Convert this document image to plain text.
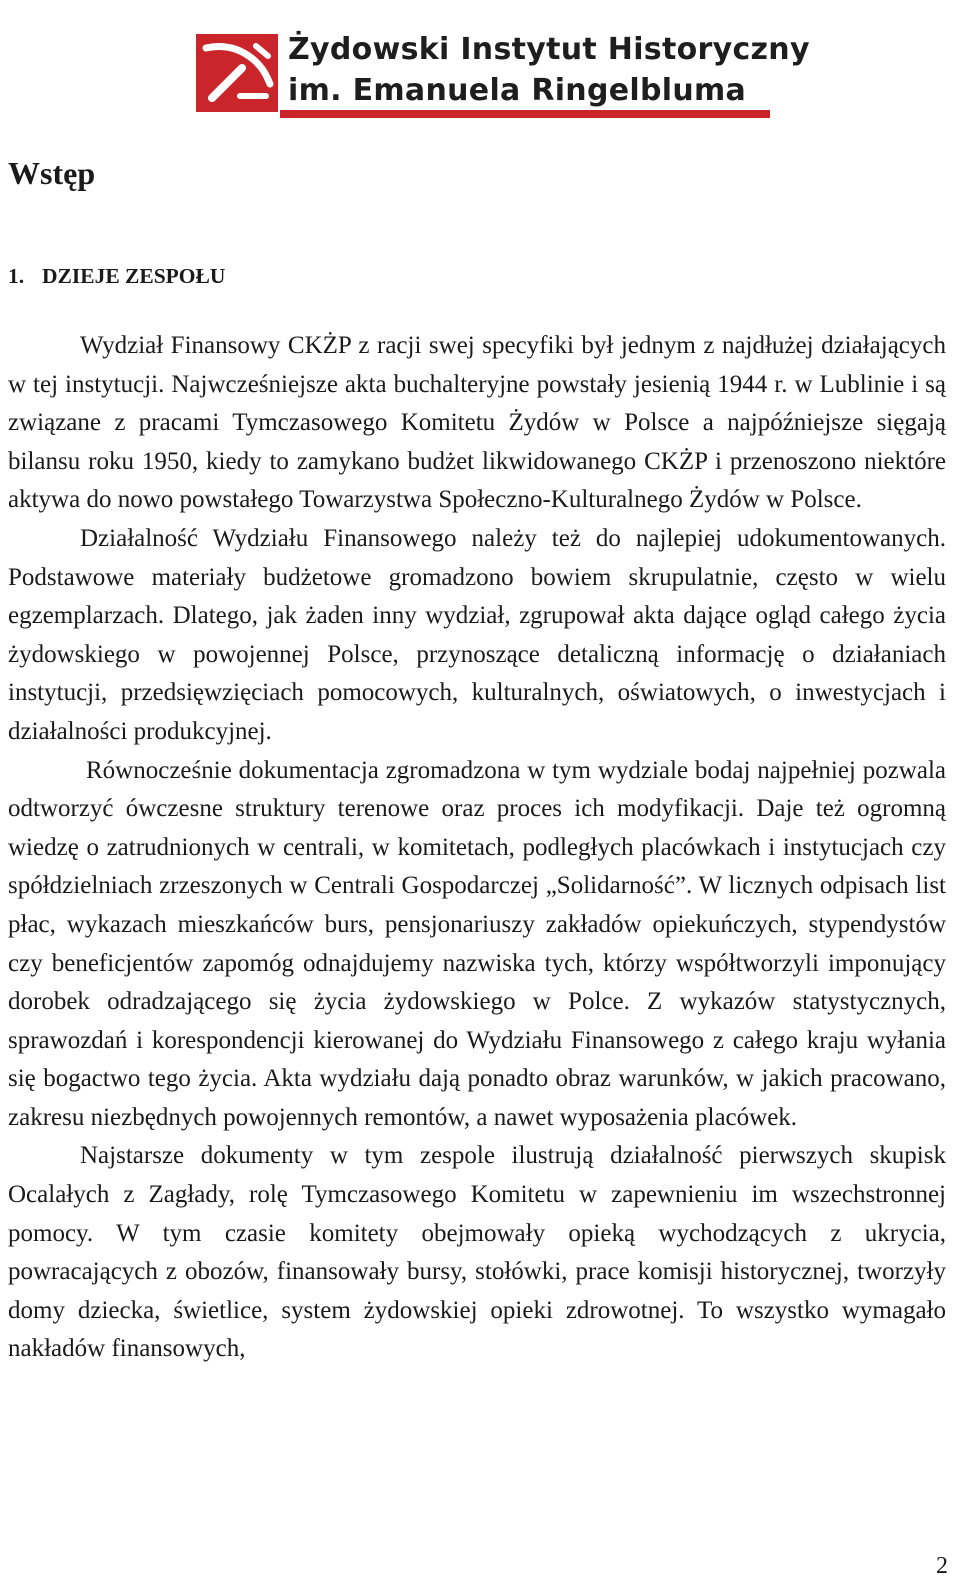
Żydowski Instytut Historyczny
im. Emanuela Ringelbluma
Wstęp
1. DZIEJE ZESPOŁU

Wydział Finansowy CKŻP z racji swej specyfiki był jednym z najdłużej działających w tej instytucji. Najwcześniejsze akta buchalteryjne powstały jesienią 1944 r. w Lublinie i są związane z pracami Tymczasowego Komitetu Żydów w Polsce a najpóźniejsze sięgają bilansu roku 1950, kiedy to zamykano budżet likwidowanego CKŻP i przenoszono niektóre aktywa do nowo powstałego Towarzystwa Społeczno-Kulturalnego Żydów w Polsce.

Działalność Wydziału Finansowego należy też do najlepiej udokumentowanych. Podstawowe materiały budżetowe gromadzono bowiem skrupulatnie, często w wielu egzemplarzach. Dlatego, jak żaden inny wydział, zgrupował akta dające ogląd całego życia żydowskiego w powojennej Polsce, przynoszące detaliczną informację o działaniach instytucji, przedsięwzięciach pomocowych, kulturalnych, oświatowych, o inwestycjach i działalności produkcyjnej.

Równocześnie dokumentacja zgromadzona w tym wydziale bodaj najpełniej pozwala odtworzyć ówczesne struktury terenowe oraz proces ich modyfikacji. Daje też ogromną wiedzę o zatrudnionych w centrali, w komitetach, podległych placówkach i instytucjach czy spółdzielniach zrzeszonych w Centrali Gospodarczej „Solidarność”. W licznych odpisach list płac, wykazach mieszkańców burs, pensjonariuszy zakładów opiekuńczych, stypendystów czy beneficjentów zapomóg odnajdujemy nazwiska tych, którzy współtworzyli imponujący dorobek odradzającego się życia żydowskiego w Polce. Z wykazów statystycznych, sprawozdań i korespondencji kierowanej do Wydziału Finansowego z całego kraju wyłania się bogactwo tego życia. Akta wydziału dają ponadto obraz warunków, w jakich pracowano, zakresu niezbędnych powojennych remontów, a nawet wyposażenia placówek.

Najstarsze dokumenty w tym zespole ilustrują działalność pierwszych skupisk Ocalałych z Zagłady, rolę Tymczasowego Komitetu w zapewnieniu im wszechstronnej pomocy. W tym czasie komitety obejmowały opieką wychodzących z ukrycia, powracających z obozów, finansowały bursy, stołówki, prace komisji historycznej, tworzyły domy dziecka, świetlice, system żydowskiej opieki zdrowotnej. To wszystko wymagało nakładów finansowych,

2
